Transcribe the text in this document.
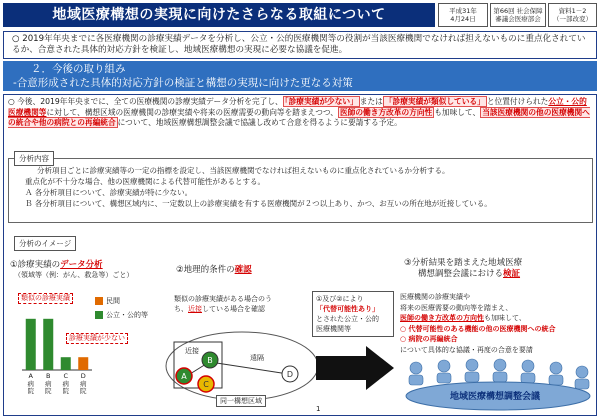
地域医療構想の実現に向けたさらなる取組について	平成31年
4月24日
第66回 社会保障
審議会医療部会
資料1－2
（一部改変）
○ 2019年年央までに各医療機関の診療実績データを分析し、公立・公的医療機関等の役割が当該医療機関でなければ担えないものに重点化されているか、合意された具体的対応方針を検証し、地域医療構想の実現に必要な協議を促進。
２．今後の取り組み
‐合意形成された具体的対応方針の検証と構想の実現に向けた更なる対策
○ 今後、2019年年央までに、全ての医療機関の診療実績データ分析を完了し、 「診療実績が少ない」 または 「診療実績が類似している」 と位置付けられた公立・公的医療機関等に対して、構想区域の医療機関の診療実績や将来の医療需要の動向等を踏まえつつ、 医師の働き方改革の方向性 も加味して、 当該医療機関の他の医療機関への統合や他の病院との再編統合 について、地域医療構想調整会議で協議し改めて合意を得るように要請する予定。
分析項目ごとに診療実績等の一定の指標を設定し、当該医療機関でなければ担えないものに重点化されているか分析する。
重点化が不十分な場合、他の医療機関による代替可能性があるとする。
Ａ 各分析項目について、診療実績が特に少ない。
Ｂ 各分析項目について、構想区域内に、一定数以上の診療実績を有する医療機関が２つ以上あり、かつ、お互いの所在地が近接している。
分析内容
分析のイメージ
①診療実績のデータ分析
（領域等（例：がん、救急等）ごと）
類似の診療実績
診療実績が少ない
民間
公立・公的等
A
病
院
B
病
院
C
病
院
D
病
院
②地理的条件の確認
類似の診療実績がある場合のう
ち、近接している場合を確認
A
B
C
D
近接
遠隔
同一構想区域
①及び②により
「代替可能性あり」
とされた公立・公的
医療機関等
1
③分析結果を踏まえた地域医療
構想調整会議における検証
医療機関の診療実績や
将来の医療需要の動向等を踏まえ、
医師の働き方改革の方向性も加味して、
○ 代替可能性のある機能の他の医療機関への統合
○ 病院の再編統合
について具体的な協議・再度の合意を要請
地域医療構想調整会議
